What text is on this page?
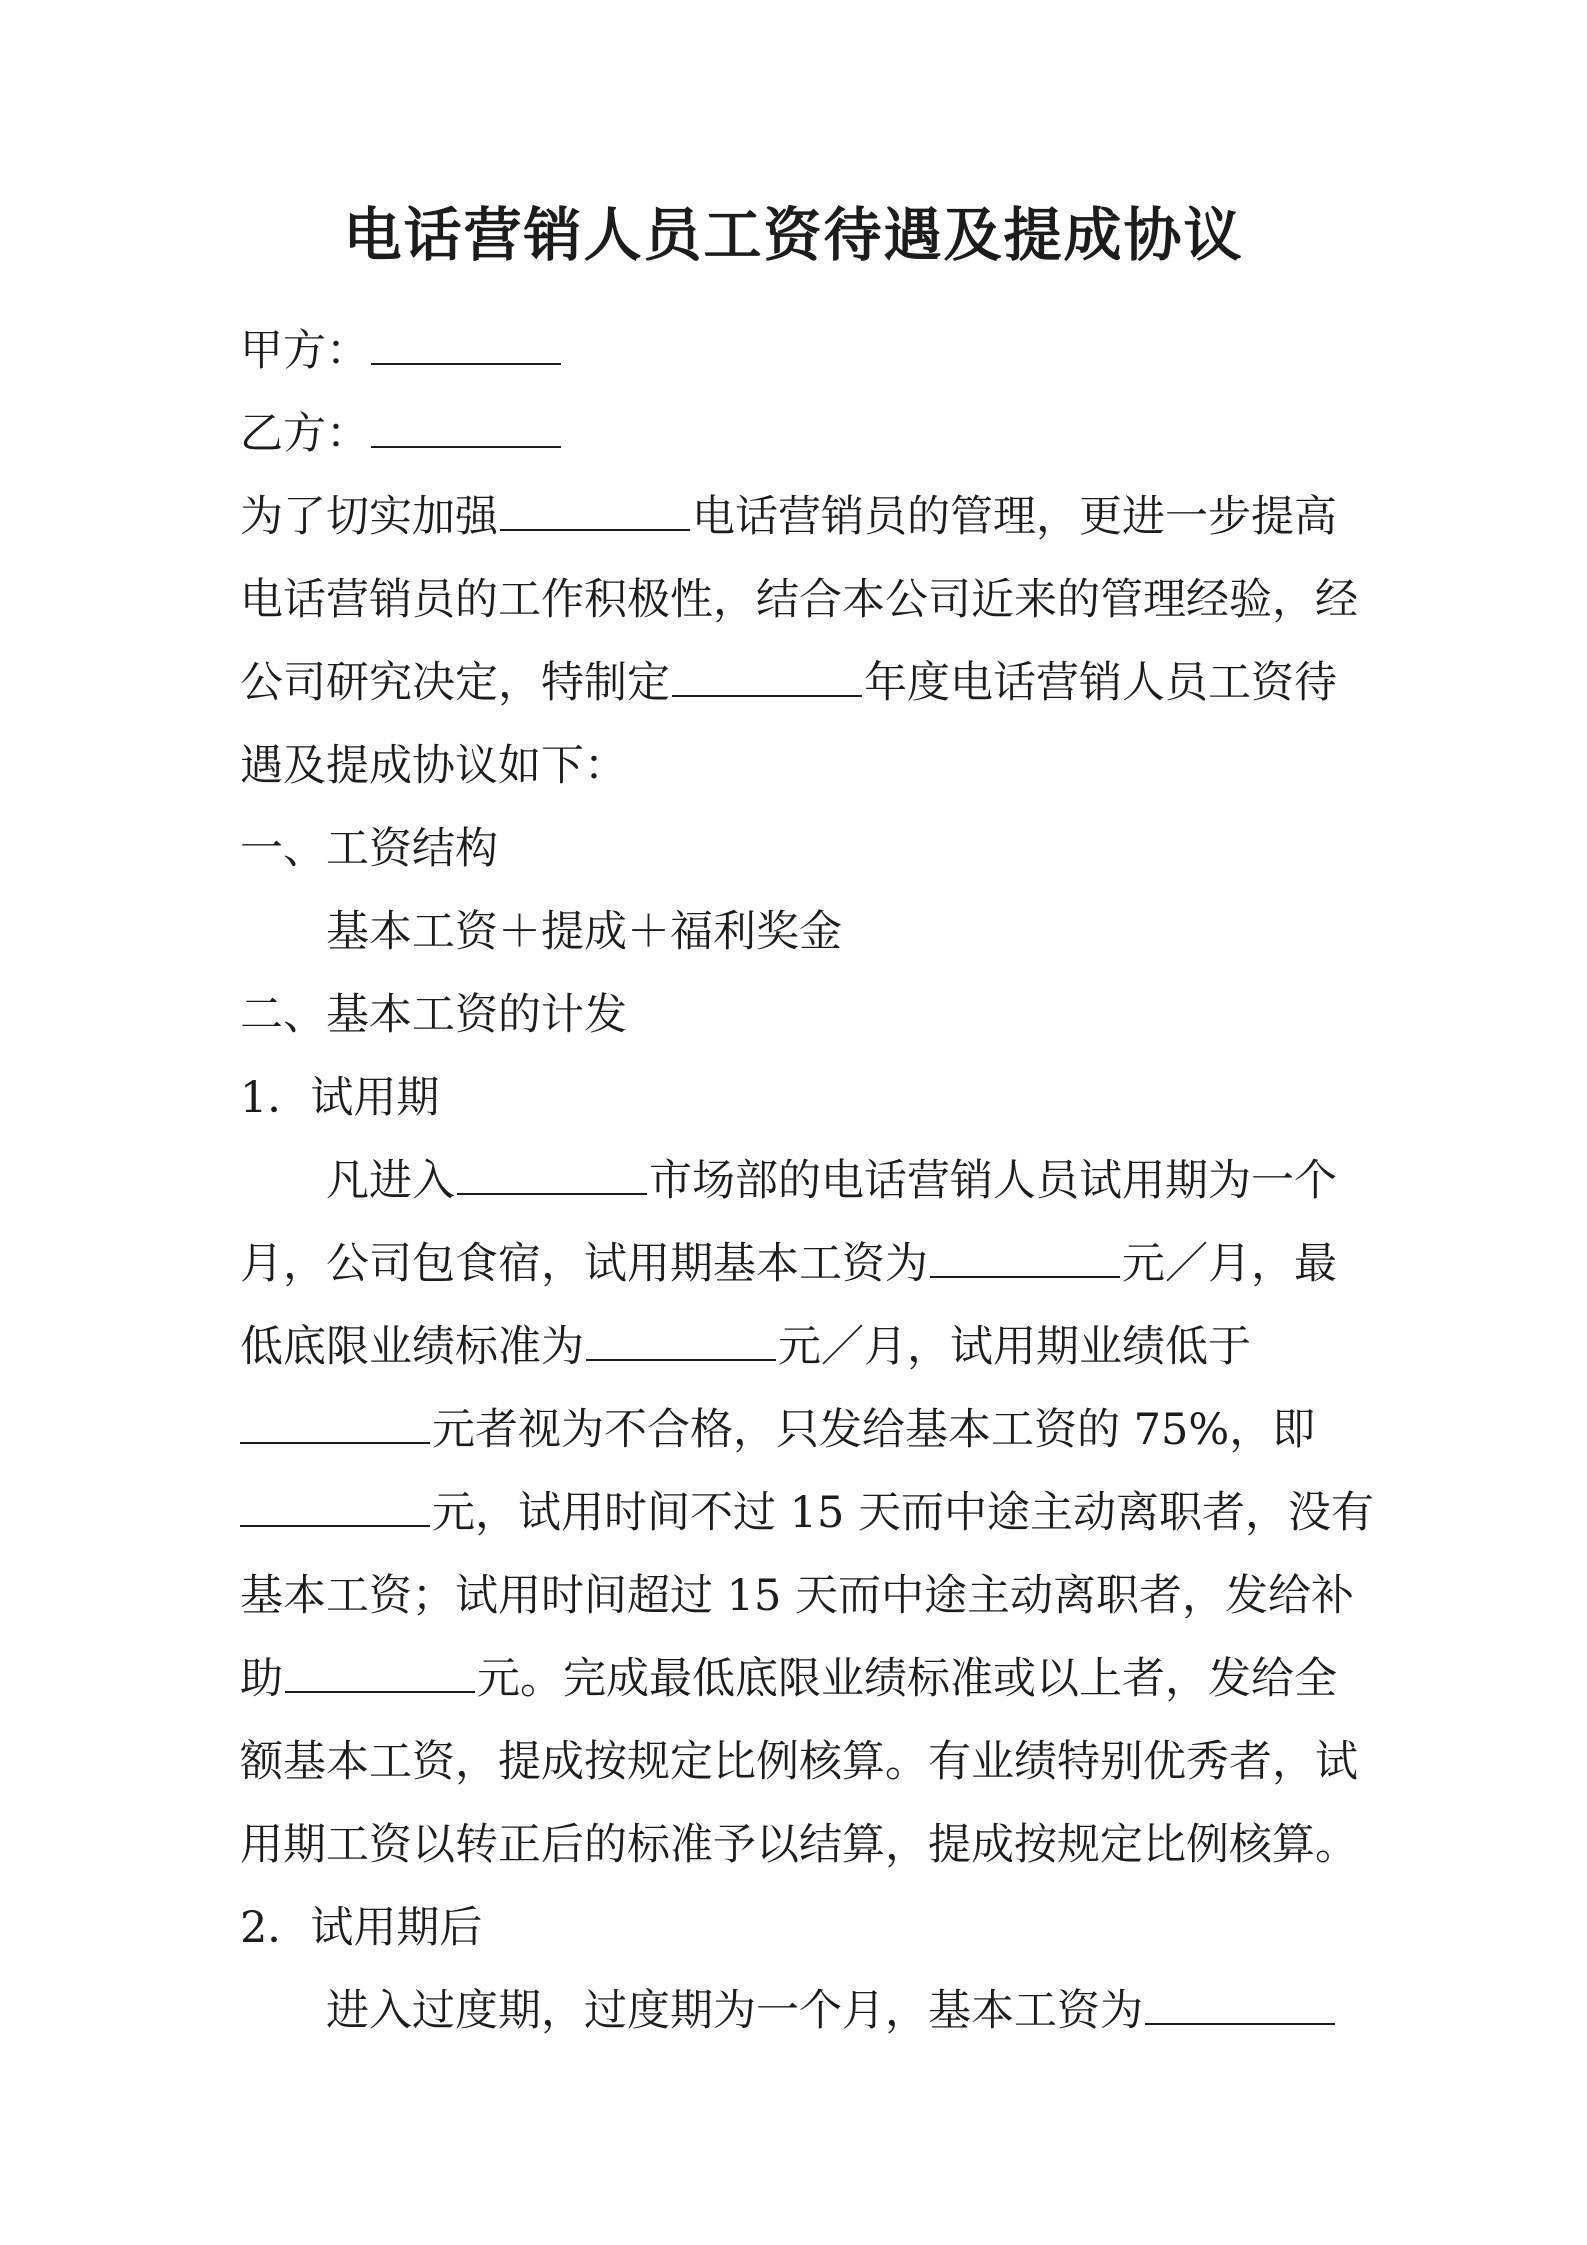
电话营销人员工资待遇及提成协议
甲方：
乙方：
为了切实加强	电话营销员的管理，更进一步提高
电话营销员的工作积极性，结合本公司近来的管理经验，经
公司研究决定，特制定	年度电话营销人员工资待
遇及提成协议如下：
一、工资结构
基本工资＋提成＋福利奖金
二、基本工资的计发
1．试用期
凡进入	市场部的电话营销人员试用期为一个
月，公司包食宿，试用期基本工资为	元／月，最
低底限业绩标准为	元／月，试用期业绩低于
元者视为不合格，只发给基本工资的 75%，即
元，试用时间不过 15 天而中途主动离职者，没有
基本工资；试用时间超过 15 天而中途主动离职者，发给补
助	元。完成最低底限业绩标准或以上者，发给全
额基本工资，提成按规定比例核算。有业绩特别优秀者，试
用期工资以转正后的标准予以结算，提成按规定比例核算。
2．试用期后
进入过度期，过度期为一个月，基本工资为
